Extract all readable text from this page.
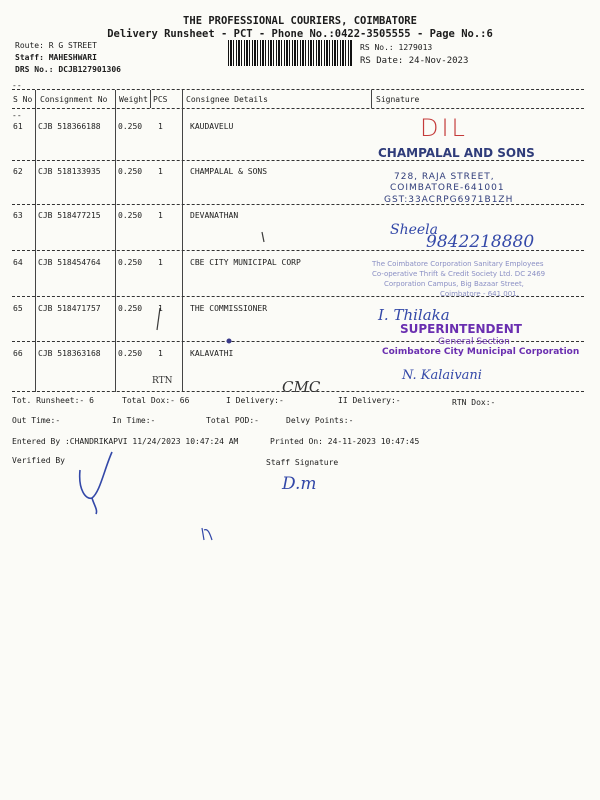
THE PROFESSIONAL COURIERS, COIMBATORE
Delivery Runsheet - PCT - Phone No.:0422-3505555 - Page No.:6
Route: R G STREET
Staff: MAHESHWARI
DRS No.: DCJB127901306
RS No.: 1279013
RS Date: 24-Nov-2023
--
S No Consignment No Weight PCS Consignee Details	Signature
--
61 CJB 518366188 0.250 1	KAUDAVELU
62 CJB 518133935 0.250 1	CHAMPALAL & SONS
63 CJB 518477215 0.250 1	DEVANATHAN
64 CJB 518454764 0.250 1	CBE CITY MUNICIPAL CORP
65 CJB 518471757 0.250 1	THE COMMISSIONER
66 CJB 518363168 0.250 1	KALAVATHI
DIL
CHAMPALAL AND SONS
728, RAJA STREET,
COIMBATORE-641001
GST:33ACRPG6971B1ZH
Sheela
9842218880
The Coimbatore Corporation Sanitary Employees
Co-operative Thrift & Credit Society Ltd. DC 2469
Corporation Campus, Big Bazaar Street,
Coimbatore - 641 001.
I. Thilaka
SUPERINTENDENT
General Section
Coimbatore City Municipal Corporation
N. Kalaivani
RTN	CMC
Tot. Runsheet:- 6	Total Dox:- 66	I Delivery:-	II Delivery:-	RTN Dox:-
Out Time:-	In Time:-	Total POD:-	Delvy Points:-
Entered By :CHANDRIKAPVI 11/24/2023 10:47:24 AM	Printed On: 24-11-2023 10:47:45
Verified By	Staff Signature
D.m
